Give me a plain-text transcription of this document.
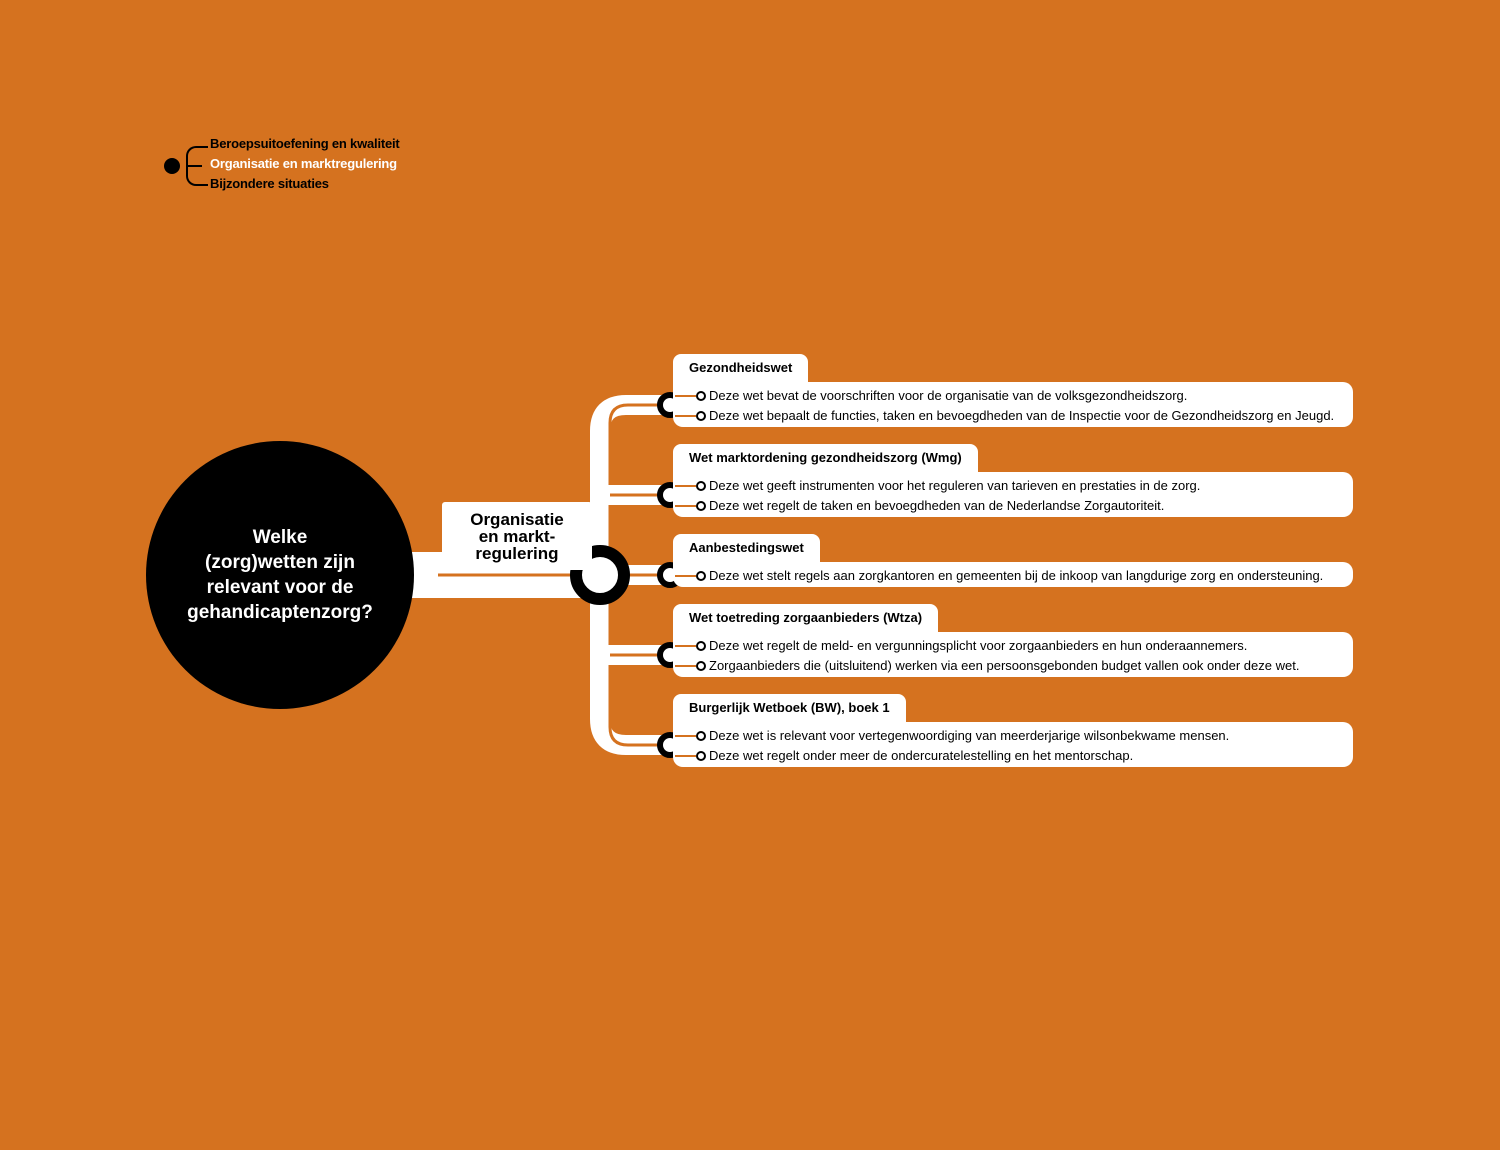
Beroepsuitoefening en kwaliteit
Organisatie en marktregulering
Bijzondere situaties
Welke
(zorg)wetten zijn
relevant voor de
gehandicaptenzorg?
Organisatie
en markt-
regulering
Gezondheidswet
Deze wet bevat de voorschriften voor de organisatie van de volksgezondheidszorg.
Deze wet bepaalt de functies, taken en bevoegdheden van de Inspectie voor de Gezondheidszorg en Jeugd.
Wet marktordening gezondheidszorg (Wmg)
Deze wet geeft instrumenten voor het reguleren van tarieven en prestaties in de zorg.
Deze wet regelt de taken en bevoegdheden van de Nederlandse Zorgautoriteit.
Aanbestedingswet
Deze wet stelt regels aan zorgkantoren en gemeenten bij de inkoop van langdurige zorg en ondersteuning.
Wet toetreding zorgaanbieders (Wtza)
Deze wet regelt de meld- en vergunningsplicht voor zorgaanbieders en hun onderaannemers.
Zorgaanbieders die (uitsluitend) werken via een persoonsgebonden budget vallen ook onder deze wet.
Burgerlijk Wetboek (BW), boek 1
Deze wet is relevant voor vertegenwoordiging van meerderjarige wilsonbekwame mensen.
Deze wet regelt onder meer de ondercuratelestelling en het mentorschap.
